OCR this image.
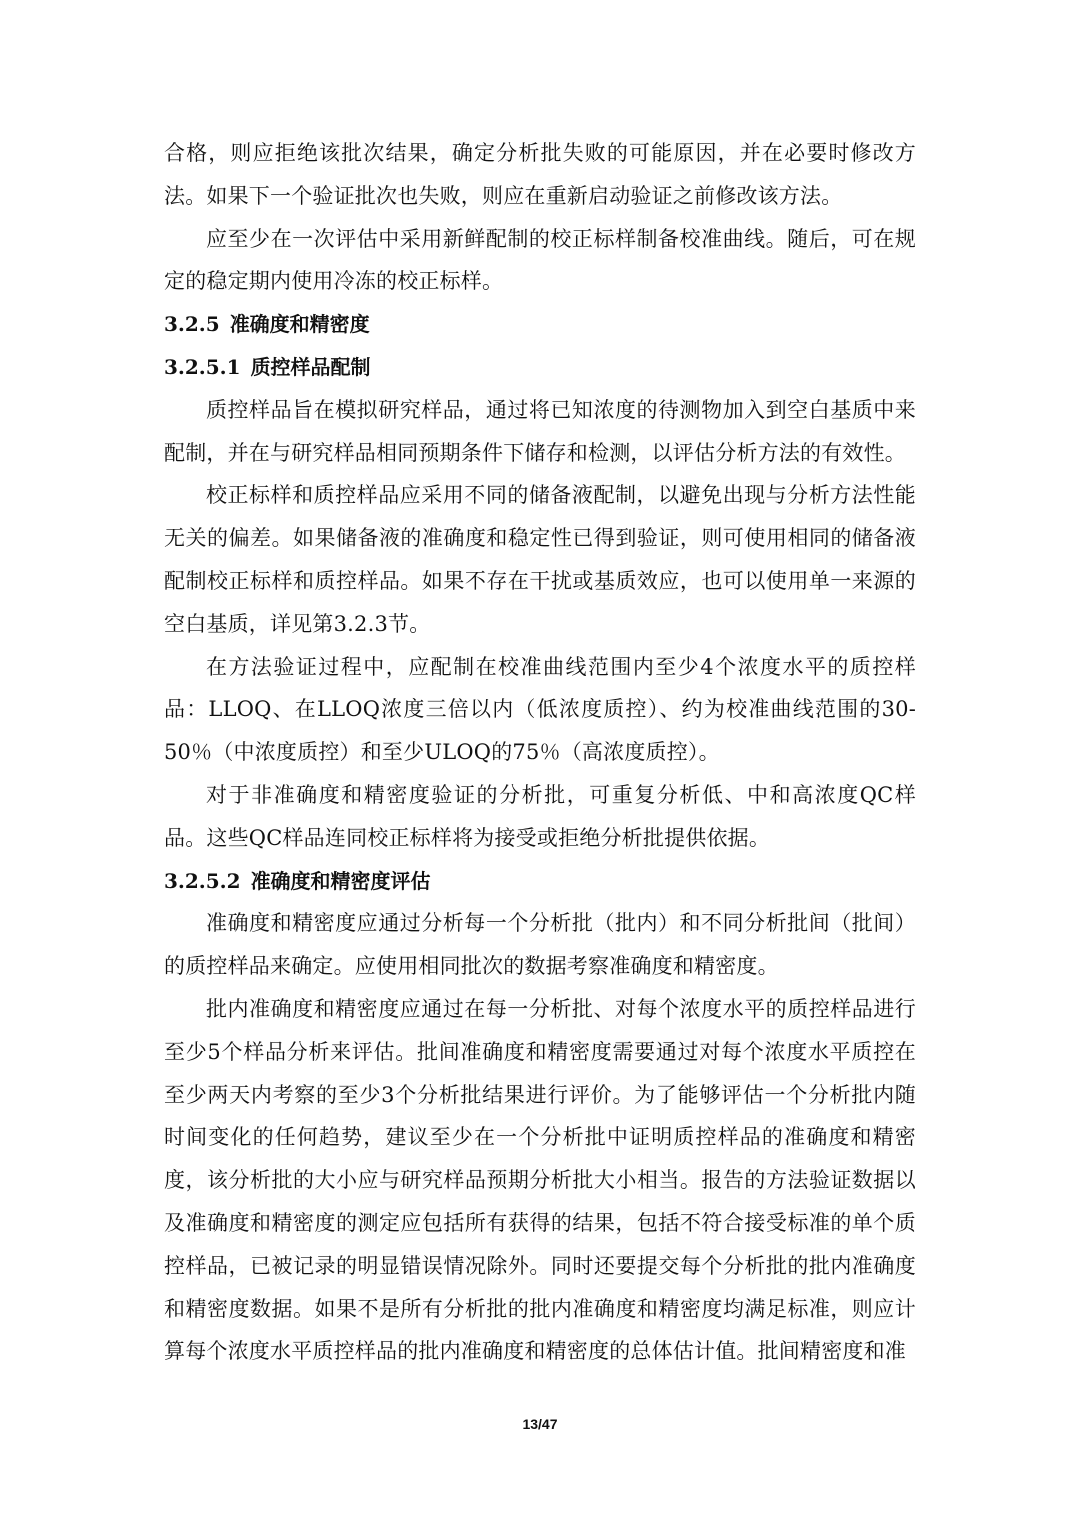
合格，则应拒绝该批次结果，确定分析批失败的可能原因，并在必要时修改方法。如果下一个验证批次也失败，则应在重新启动验证之前修改该方法。

应至少在一次评估中采用新鲜配制的校正标样制备校准曲线。随后，可在规定的稳定期内使用冷冻的校正标样。

3.2.5 准确度和精密度
3.2.5.1 质控样品配制

质控样品旨在模拟研究样品，通过将已知浓度的待测物加入到空白基质中来配制，并在与研究样品相同预期条件下储存和检测，以评估分析方法的有效性。

校正标样和质控样品应采用不同的储备液配制，以避免出现与分析方法性能无关的偏差。如果储备液的准确度和稳定性已得到验证，则可使用相同的储备液配制校正标样和质控样品。如果不存在干扰或基质效应，也可以使用单一来源的空白基质，详见第3.2.3节。

在方法验证过程中，应配制在校准曲线范围内至少4个浓度水平的质控样品：LLOQ、在LLOQ浓度三倍以内（低浓度质控）、约为校准曲线范围的30-50％（中浓度质控）和至少ULOQ的75％（高浓度质控）。

对于非准确度和精密度验证的分析批，可重复分析低、中和高浓度QC样品。这些QC样品连同校正标样将为接受或拒绝分析批提供依据。

3.2.5.2 准确度和精密度评估

准确度和精密度应通过分析每一个分析批（批内）和不同分析批间（批间）的质控样品来确定。应使用相同批次的数据考察准确度和精密度。

批内准确度和精密度应通过在每一分析批、对每个浓度水平的质控样品进行至少5个样品分析来评估。批间准确度和精密度需要通过对每个浓度水平质控在至少两天内考察的至少3个分析批结果进行评价。为了能够评估一个分析批内随时间变化的任何趋势，建议至少在一个分析批中证明质控样品的准确度和精密度，该分析批的大小应与研究样品预期分析批大小相当。报告的方法验证数据以及准确度和精密度的测定应包括所有获得的结果，包括不符合接受标准的单个质控样品，已被记录的明显错误情况除外。同时还要提交每个分析批的批内准确度和精密度数据。如果不是所有分析批的批内准确度和精密度均满足标准，则应计算每个浓度水平质控样品的批内准确度和精密度的总体估计值。批间精密度和准

13/47
